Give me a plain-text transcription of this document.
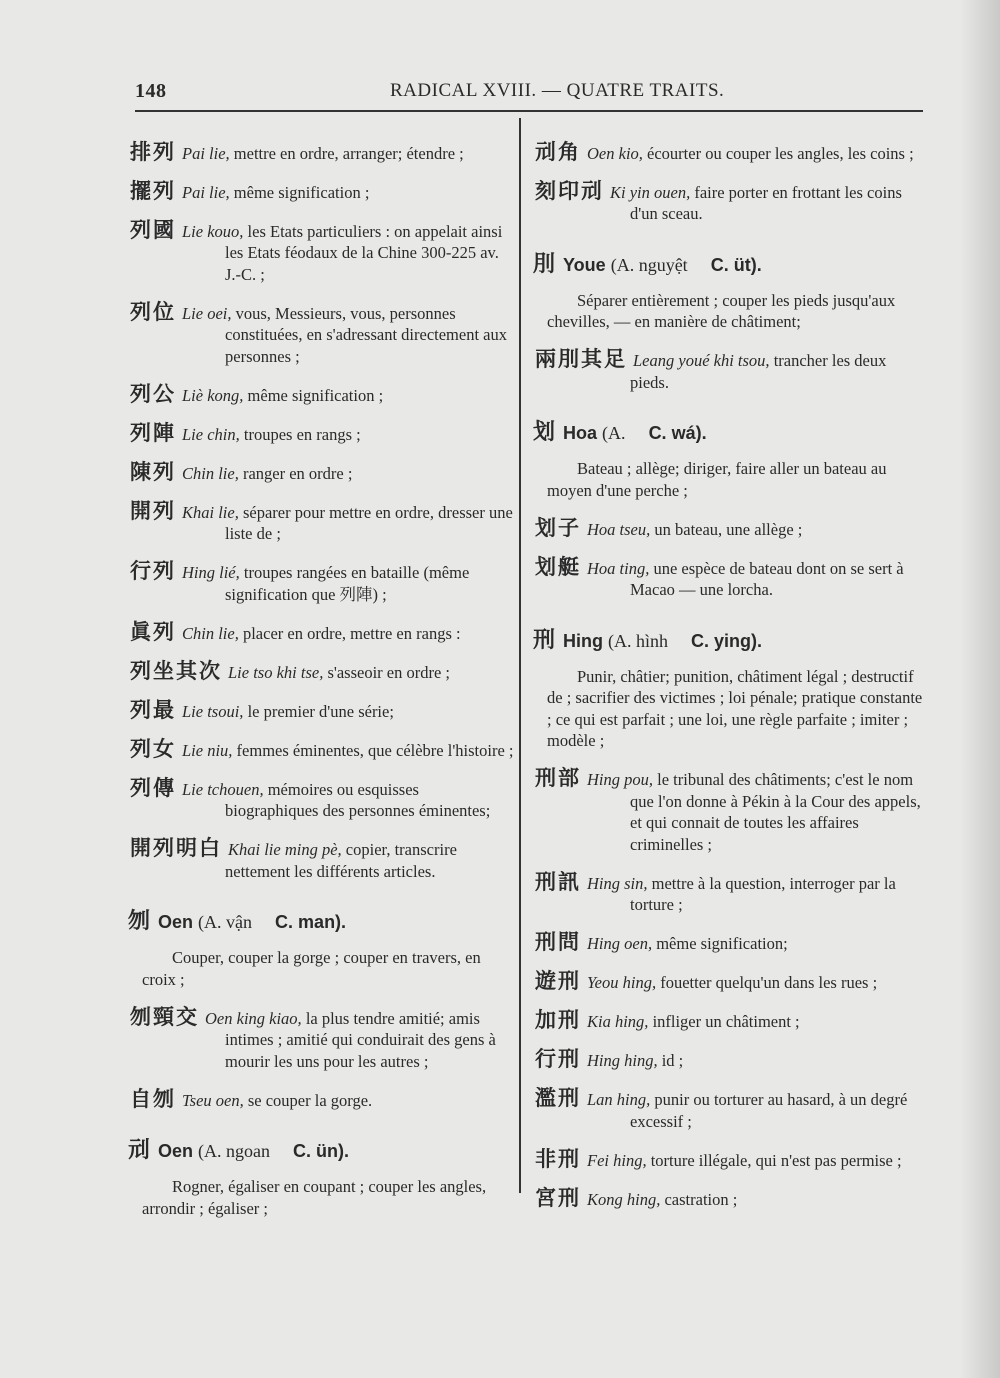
148	RADICAL XVIII. — QUATRE TRAITS.

排列 Pai lie, mettre en ordre, arranger; étendre ;

擺列 Pai lie, même signification ;

列國 Lie kouo, les Etats particuliers : on appelait ainsi les Etats féodaux de la Chine 300-225 av. J.-C. ;

列位 Lie oei, vous, Messieurs, vous, personnes constituées, en s'adressant directement aux personnes ;

列公 Liè kong, même signification ;

列陣 Lie chin, troupes en rangs ;

陳列 Chin lie, ranger en ordre ;

開列 Khai lie, séparer pour mettre en ordre, dresser une liste de ;

行列 Hing lié, troupes rangées en bataille (même signification que 列陣) ;

眞列 Chin lie, placer en ordre, mettre en rangs :

列坐其次 Lie tso khi tse, s'asseoir en ordre ;

列最 Lie tsoui, le premier d'une série;

列女 Lie niu, femmes éminentes, que célèbre l'histoire ;

列傳 Lie tchouen, mémoires ou esquisses biographiques des personnes éminentes;

開列明白 Khai lie ming pè, copier, transcrire nettement les différents articles.

刎 Oen (A. vận   C. man).

Couper, couper la gorge ; couper en travers, en croix ;

刎頸交 Oen king kiao, la plus tendre amitié; amis intimes ; amitié qui conduirait des gens à mourir les uns pour les autres ;

自刎 Tseu oen, se couper la gorge.

刓 Oen (A. ngoan   C. ün).

Rogner, égaliser en coupant ; couper les angles, arrondir ; égaliser ;

刓角 Oen kio, écourter ou couper les angles, les coins ;

刻印刓 Ki yin ouen, faire porter en frottant les coins d'un sceau.

刖 Youe (A. nguyệt   C. üt).

Séparer entièrement ; couper les pieds jusqu'aux chevilles, — en manière de châtiment;

兩刖其足 Leang youé khi tsou, trancher les deux pieds.

划 Hoa (A.   C. wá).

Bateau ; allège; diriger, faire aller un bateau au moyen d'une perche ;

划子 Hoa tseu, un bateau, une allège ;

划艇 Hoa ting, une espèce de bateau dont on se sert à Macao — une lorcha.

刑 Hing (A. hình   C. ying).

Punir, châtier; punition, châtiment légal ; destructif de ; sacrifier des victimes ; loi pénale; pratique constante ; ce qui est parfait ; une loi, une règle parfaite ; imiter ; modèle ;

刑部 Hing pou, le tribunal des châtiments; c'est le nom que l'on donne à Pékin à la Cour des appels, et qui connait de toutes les affaires criminelles ;

刑訊 Hing sin, mettre à la question, interroger par la torture ;

刑問 Hing oen, même signification;

遊刑 Yeou hing, fouetter quelqu'un dans les rues ;

加刑 Kia hing, infliger un châtiment ;

行刑 Hing hing, id ;

濫刑 Lan hing, punir ou torturer au hasard, à un degré excessif ;

非刑 Fei hing, torture illégale, qui n'est pas permise ;

宮刑 Kong hing, castration ;
